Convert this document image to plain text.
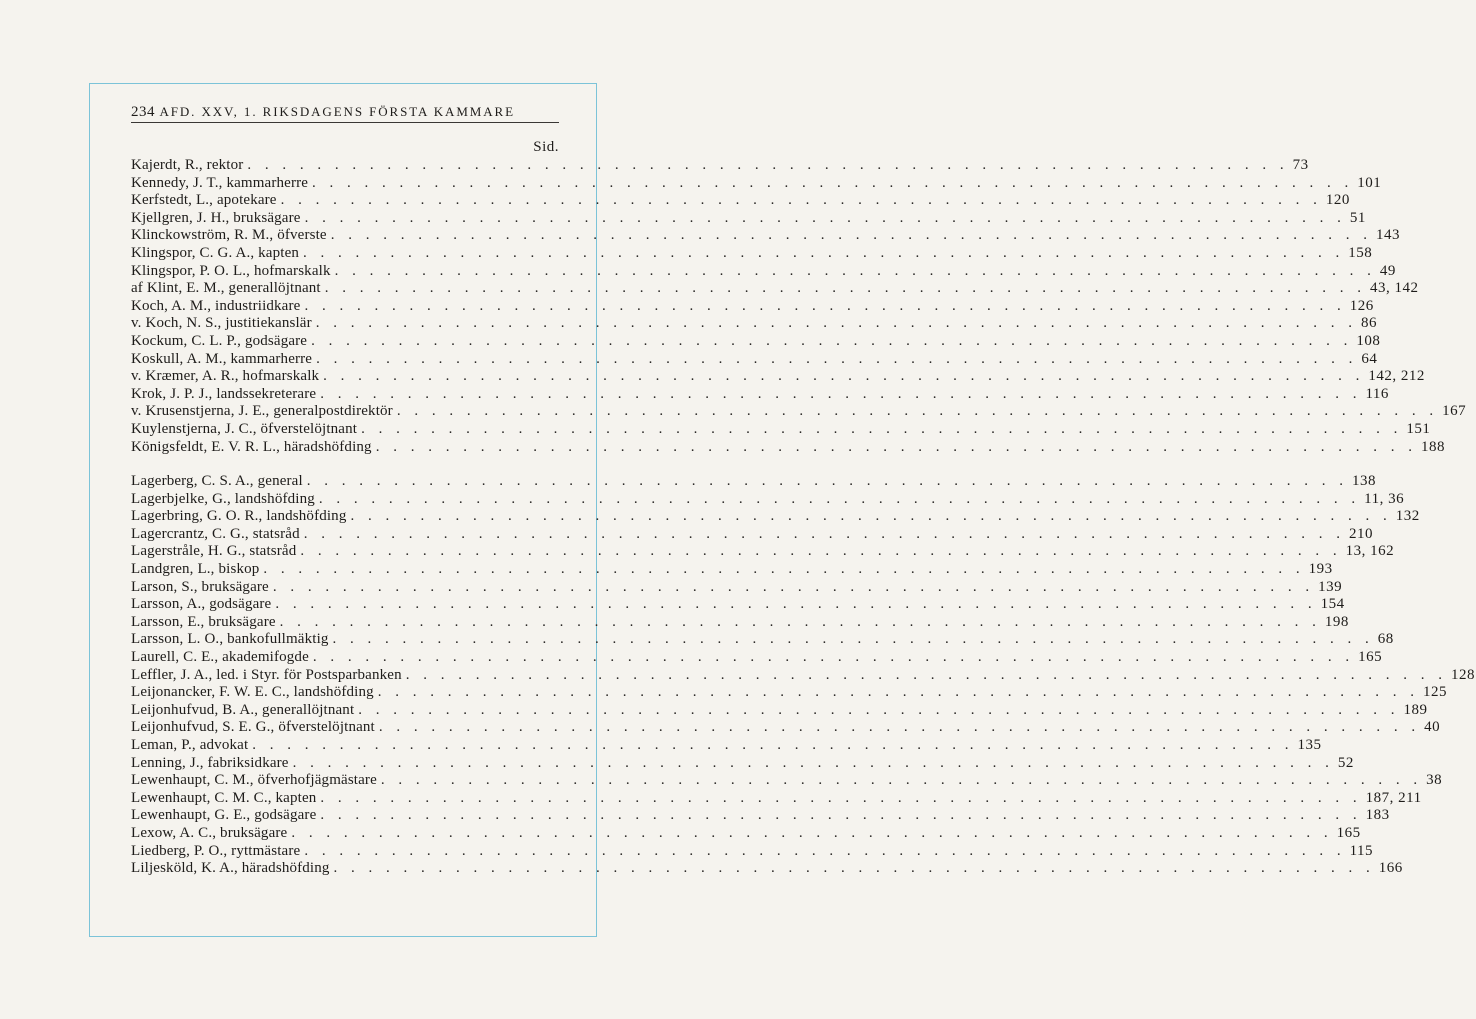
234 AFD. XXV, 1. RIKSDAGENS FÖRSTA KAMMARE
Sid.
Kajerdt, R., rektor . . . . . . . . . . . . . . . . . . . . . . . . . . . . . . . . . . . . . . . . . . . . . . . . . . . . . . . . . . . . 73
Kennedy, J. T., kammarherre . . . . . . . . . . . . . . . . . . . . . . . . . . . . . . . . . . . . . . . . . . . . . . . . . . . . . . . . . . . . 101
Kerfstedt, L., apotekare . . . . . . . . . . . . . . . . . . . . . . . . . . . . . . . . . . . . . . . . . . . . . . . . . . . . . . . . . . . . 120
Kjellgren, J. H., bruksägare . . . . . . . . . . . . . . . . . . . . . . . . . . . . . . . . . . . . . . . . . . . . . . . . . . . . . . . . . . . . 51
Klinckowström, R. M., öfverste . . . . . . . . . . . . . . . . . . . . . . . . . . . . . . . . . . . . . . . . . . . . . . . . . . . . . . . . . . . . 143
Klingspor, C. G. A., kapten . . . . . . . . . . . . . . . . . . . . . . . . . . . . . . . . . . . . . . . . . . . . . . . . . . . . . . . . . . . . 158
Klingspor, P. O. L., hofmarskalk . . . . . . . . . . . . . . . . . . . . . . . . . . . . . . . . . . . . . . . . . . . . . . . . . . . . . . . . . . . . 49
af Klint, E. M., generallöjtnant . . . . . . . . . . . . . . . . . . . . . . . . . . . . . . . . . . . . . . . . . . . . . . . . . . . . . . . . . . . . 43, 142
Koch, A. M., industriidkare . . . . . . . . . . . . . . . . . . . . . . . . . . . . . . . . . . . . . . . . . . . . . . . . . . . . . . . . . . . . 126
v. Koch, N. S., justitiekanslär . . . . . . . . . . . . . . . . . . . . . . . . . . . . . . . . . . . . . . . . . . . . . . . . . . . . . . . . . . . . 86
Kockum, C. L. P., godsägare . . . . . . . . . . . . . . . . . . . . . . . . . . . . . . . . . . . . . . . . . . . . . . . . . . . . . . . . . . . . 108
Koskull, A. M., kammarherre . . . . . . . . . . . . . . . . . . . . . . . . . . . . . . . . . . . . . . . . . . . . . . . . . . . . . . . . . . . . 64
v. Kræmer, A. R., hofmarskalk . . . . . . . . . . . . . . . . . . . . . . . . . . . . . . . . . . . . . . . . . . . . . . . . . . . . . . . . . . . . 142, 212
Krok, J. P. J., landssekreterare . . . . . . . . . . . . . . . . . . . . . . . . . . . . . . . . . . . . . . . . . . . . . . . . . . . . . . . . . . . . 116
v. Krusenstjerna, J. E., generalpostdirektör . . . . . . . . . . . . . . . . . . . . . . . . . . . . . . . . . . . . . . . . . . . . . . . . . . . . . . . . . . . . 167
Kuylenstjerna, J. C., öfverstelöjtnant . . . . . . . . . . . . . . . . . . . . . . . . . . . . . . . . . . . . . . . . . . . . . . . . . . . . . . . . . . . . 151
Königsfeldt, E. V. R. L., häradshöfding . . . . . . . . . . . . . . . . . . . . . . . . . . . . . . . . . . . . . . . . . . . . . . . . . . . . . . . . . . . . 188
Lagerberg, C. S. A., general . . . . . . . . . . . . . . . . . . . . . . . . . . . . . . . . . . . . . . . . . . . . . . . . . . . . . . . . . . . . 138
Lagerbjelke, G., landshöfding . . . . . . . . . . . . . . . . . . . . . . . . . . . . . . . . . . . . . . . . . . . . . . . . . . . . . . . . . . . . 11, 36
Lagerbring, G. O. R., landshöfding . . . . . . . . . . . . . . . . . . . . . . . . . . . . . . . . . . . . . . . . . . . . . . . . . . . . . . . . . . . . 132
Lagercrantz, C. G., statsråd . . . . . . . . . . . . . . . . . . . . . . . . . . . . . . . . . . . . . . . . . . . . . . . . . . . . . . . . . . . . 210
Lagerstråle, H. G., statsråd . . . . . . . . . . . . . . . . . . . . . . . . . . . . . . . . . . . . . . . . . . . . . . . . . . . . . . . . . . . . 13, 162
Landgren, L., biskop . . . . . . . . . . . . . . . . . . . . . . . . . . . . . . . . . . . . . . . . . . . . . . . . . . . . . . . . . . . . 193
Larson, S., bruksägare . . . . . . . . . . . . . . . . . . . . . . . . . . . . . . . . . . . . . . . . . . . . . . . . . . . . . . . . . . . . 139
Larsson, A., godsägare . . . . . . . . . . . . . . . . . . . . . . . . . . . . . . . . . . . . . . . . . . . . . . . . . . . . . . . . . . . . 154
Larsson, E., bruksägare . . . . . . . . . . . . . . . . . . . . . . . . . . . . . . . . . . . . . . . . . . . . . . . . . . . . . . . . . . . . 198
Larsson, L. O., bankofullmäktig . . . . . . . . . . . . . . . . . . . . . . . . . . . . . . . . . . . . . . . . . . . . . . . . . . . . . . . . . . . . 68
Laurell, C. E., akademifogde . . . . . . . . . . . . . . . . . . . . . . . . . . . . . . . . . . . . . . . . . . . . . . . . . . . . . . . . . . . . 165
Leffler, J. A., led. i Styr. för Postsparbanken . . . . . . . . . . . . . . . . . . . . . . . . . . . . . . . . . . . . . . . . . . . . . . . . . . . . . . . . . . . . 128
Leijonancker, F. W. E. C., landshöfding . . . . . . . . . . . . . . . . . . . . . . . . . . . . . . . . . . . . . . . . . . . . . . . . . . . . . . . . . . . . 125
Leijonhufvud, B. A., generallöjtnant . . . . . . . . . . . . . . . . . . . . . . . . . . . . . . . . . . . . . . . . . . . . . . . . . . . . . . . . . . . . 189
Leijonhufvud, S. E. G., öfverstelöjtnant . . . . . . . . . . . . . . . . . . . . . . . . . . . . . . . . . . . . . . . . . . . . . . . . . . . . . . . . . . . . 40
Leman, P., advokat . . . . . . . . . . . . . . . . . . . . . . . . . . . . . . . . . . . . . . . . . . . . . . . . . . . . . . . . . . . . 135
Lenning, J., fabriksidkare . . . . . . . . . . . . . . . . . . . . . . . . . . . . . . . . . . . . . . . . . . . . . . . . . . . . . . . . . . . . 52
Lewenhaupt, C. M., öfverhofjägmästare . . . . . . . . . . . . . . . . . . . . . . . . . . . . . . . . . . . . . . . . . . . . . . . . . . . . . . . . . . . . 38
Lewenhaupt, C. M. C., kapten . . . . . . . . . . . . . . . . . . . . . . . . . . . . . . . . . . . . . . . . . . . . . . . . . . . . . . . . . . . . 187, 211
Lewenhaupt, G. E., godsägare . . . . . . . . . . . . . . . . . . . . . . . . . . . . . . . . . . . . . . . . . . . . . . . . . . . . . . . . . . . . 183
Lexow, A. C., bruksägare . . . . . . . . . . . . . . . . . . . . . . . . . . . . . . . . . . . . . . . . . . . . . . . . . . . . . . . . . . . . 165
Liedberg, P. O., ryttmästare . . . . . . . . . . . . . . . . . . . . . . . . . . . . . . . . . . . . . . . . . . . . . . . . . . . . . . . . . . . . 115
Liljesköld, K. A., häradshöfding . . . . . . . . . . . . . . . . . . . . . . . . . . . . . . . . . . . . . . . . . . . . . . . . . . . . . . . . . . . . 166
